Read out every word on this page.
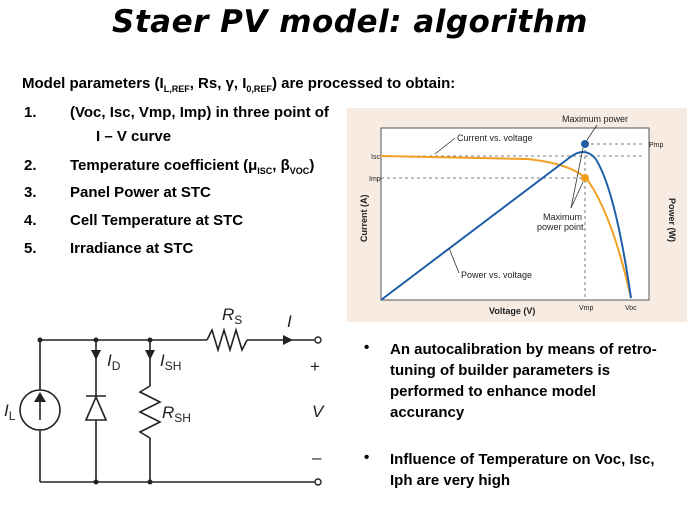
Staer PV model: algorithm
Model parameters ($I_{L,REF}$, Rs, γ, $I_{0,REF}$) are processed to obtain:
1. (Voc, Isc, Vmp, Imp) in three point of
I – V curve
2. Temperature coefficient ($\mu_{ISC}$, $\beta_{VOC}$)
3. Panel Power at STC
4. Cell Temperature at STC
5. Irradiance at STC
Maximum power
Current vs. voltage
Maximum
power point
Power vs. voltage
Isc
Imp
Vmp	Voc
Pmp
Voltage (V)
Current (A)	Power (W)
$R_S$	I
$I_D$ $I_{SH}$
$R_{SH}$
$I_L$
+
V
–
• An autocalibration by means of retro-
tuning of builder parameters is
performed to enhance model
accurancy
• Influence of Temperature on Voc, Isc,
Iph are very high
